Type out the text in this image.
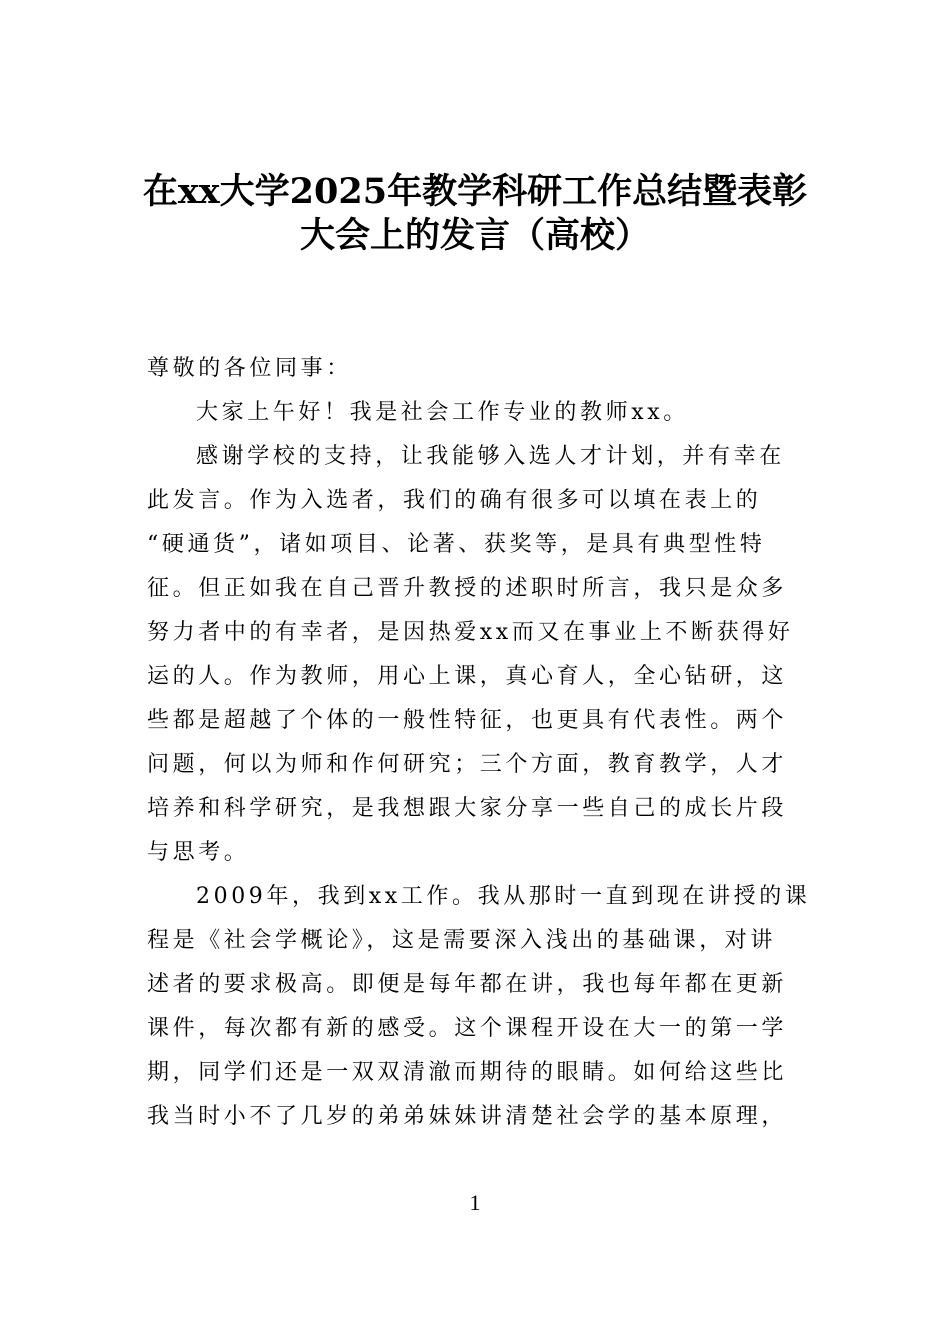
在xx大学2025年教学科研工作总结暨表彰
大会上的发言（高校）
尊敬的各位同事：
大家上午好！我是社会工作专业的教师xx。
感谢学校的支持，让我能够入选人才计划，并有幸在
此发言。作为入选者，我们的确有很多可以填在表上的
“硬通货”，诸如项目、论著、获奖等，是具有典型性特
征。但正如我在自己晋升教授的述职时所言，我只是众多
努力者中的有幸者，是因热爱xx而又在事业上不断获得好
运的人。作为教师，用心上课，真心育人，全心钻研，这
些都是超越了个体的一般性特征，也更具有代表性。两个
问题，何以为师和作何研究；三个方面，教育教学，人才
培养和科学研究，是我想跟大家分享一些自己的成长片段
与思考。
2009年，我到xx工作。我从那时一直到现在讲授的课
程是《社会学概论》，这是需要深入浅出的基础课，对讲
述者的要求极高。即便是每年都在讲，我也每年都在更新
课件，每次都有新的感受。这个课程开设在大一的第一学
期，同学们还是一双双清澈而期待的眼睛。如何给这些比
我当时小不了几岁的弟弟妹妹讲清楚社会学的基本原理，
1
